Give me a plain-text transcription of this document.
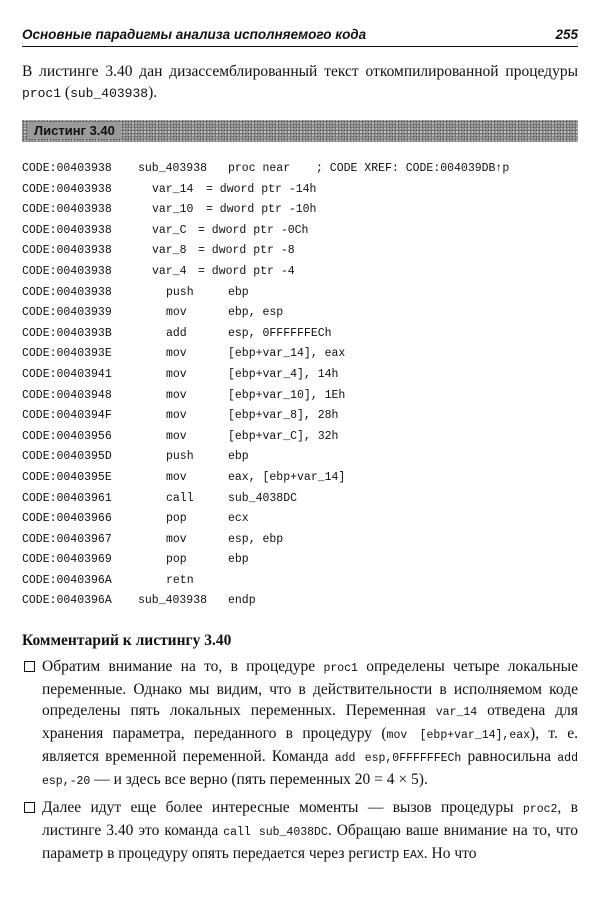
Основные парадигмы анализа исполняемого кода	255
В листинге 3.40 дан дизассемблированный текст откомпилированной процедуры proc1 (sub_403938).
Листинг 3.40
CODE:00403938 sub_403938 proc near ; CODE XREF: CODE:004039DB↑p
CODE:00403938	var_14 = dword ptr -14h
CODE:00403938	var_10 = dword ptr -10h
CODE:00403938	var_C = dword ptr -0Ch
CODE:00403938	var_8 = dword ptr -8
CODE:00403938	var_4 = dword ptr -4
CODE:00403938	push	ebp
CODE:00403939	mov	ebp, esp
CODE:0040393B	add	esp, 0FFFFFFECh
CODE:0040393E	mov	[ebp+var_14], eax
CODE:00403941	mov	[ebp+var_4], 14h
CODE:00403948	mov	[ebp+var_10], 1Eh
CODE:0040394F	mov	[ebp+var_8], 28h
CODE:00403956	mov	[ebp+var_C], 32h
CODE:0040395D	push	ebp
CODE:0040395E	mov	eax, [ebp+var_14]
CODE:00403961	call	sub_4038DC
CODE:00403966	pop	ecx
CODE:00403967	mov	esp, ebp
CODE:00403969	pop	ebp
CODE:0040396A	retn
CODE:0040396A sub_403938 endp
Комментарий к листингу 3.40
Обратим внимание на то, в процедуре proc1 определены четыре локальные переменные. Однако мы видим, что в действительности в исполняемом коде определены пять локальных переменных. Переменная var_14 отведена для хранения параметра, переданного в процедуру (mov [ebp+var_14],eax), т. е. является временной переменной. Команда add esp,0FFFFFFECh равносильна add esp,-20 — и здесь все верно (пять переменных 20 = 4 × 5).
Далее идут еще более интересные моменты — вызов процедуры proc2, в листинге 3.40 это команда call sub_4038DC. Обращаю ваше внимание на то, что параметр в процедуру опять передается через регистр EAX. Но что
